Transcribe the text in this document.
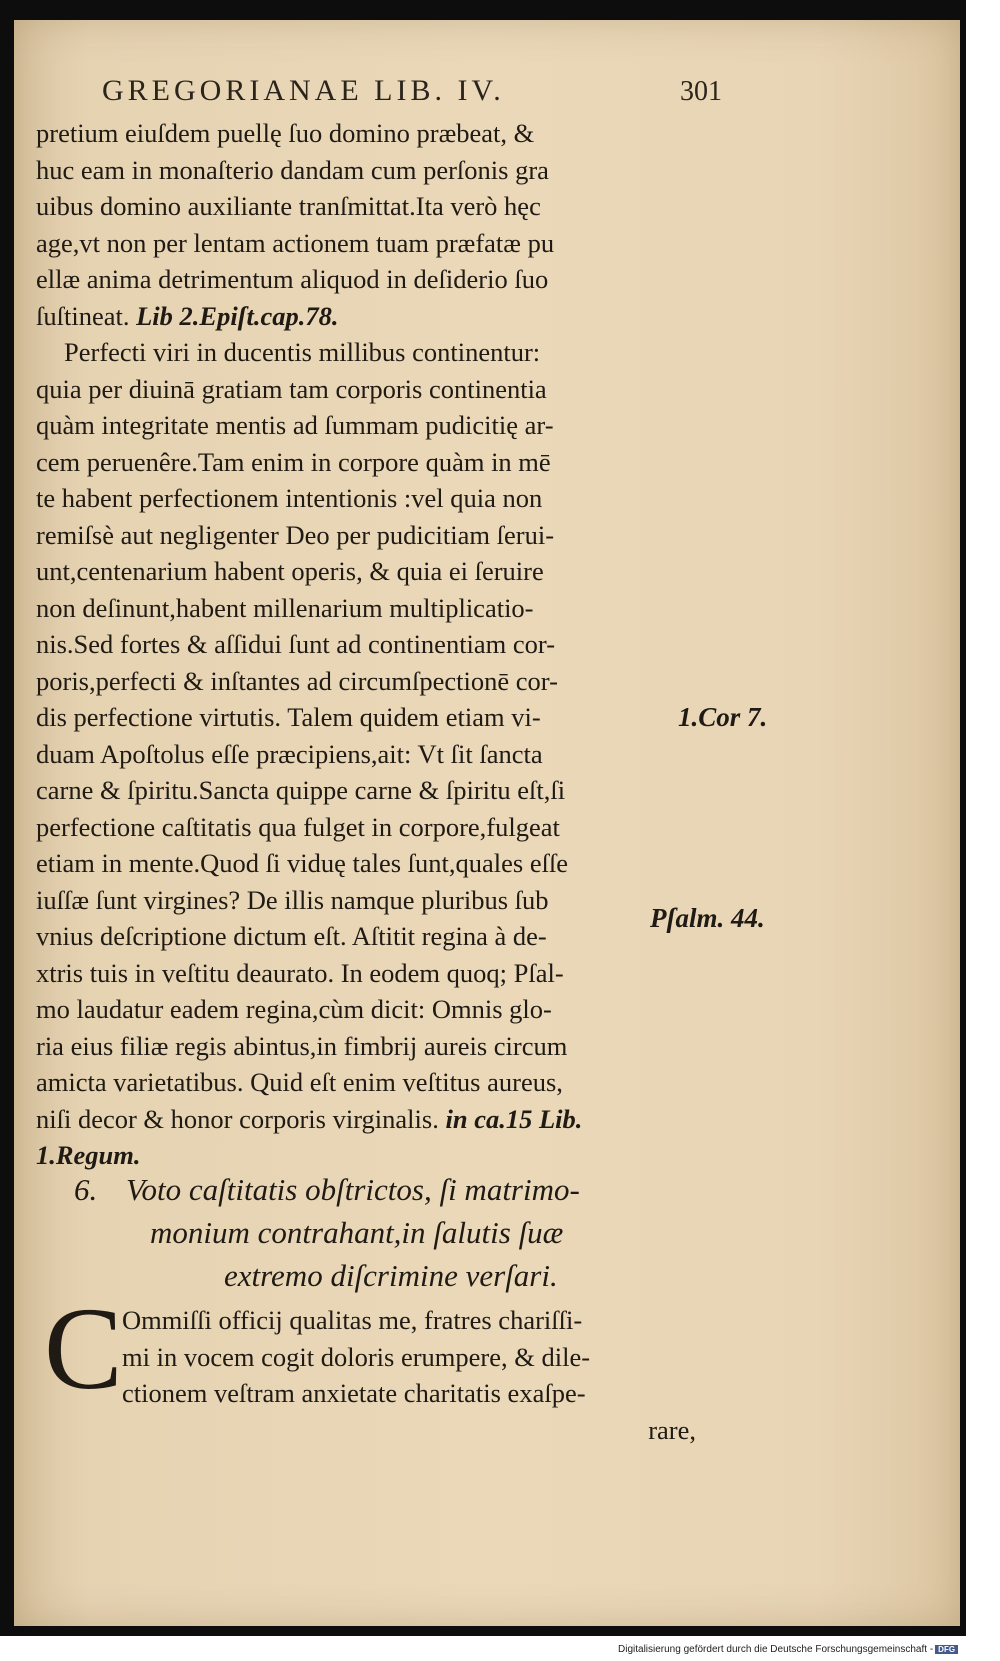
GREGORIANAE LIB. IV.	301
pretium eiuſdem puellę ſuo domino præbeat, &
huc eam in monaſterio dandam cum perſonis gra
uibus domino auxiliante tranſmittat.Ita verò hęc
age,vt non per lentam actionem tuam præfatæ pu
ellæ anima detrimentum aliquod in deſiderio ſuo
ſuſtineat. Lib 2.Epiſt.cap.78.
Perfecti viri in ducentis millibus continentur:
quia per diuinā gratiam tam corporis continentia
quàm integritate mentis ad ſummam pudicitię ar-
cem peruenêre.Tam enim in corpore quàm in mē
te habent perfectionem intentionis :vel quia non
remiſsè aut negligenter Deo per pudicitiam ſerui-
unt,centenarium habent operis, & quia ei ſeruire
non deſinunt,habent millenarium multiplicatio-
nis.Sed fortes & aſſidui ſunt ad continentiam cor-
poris,perfecti & inſtantes ad circumſpectionē cor-
dis perfectione virtutis. Talem quidem etiam vi-
duam Apoſtolus eſſe præcipiens,ait: Vt ſit ſancta
carne & ſpiritu.Sancta quippe carne & ſpiritu eſt,ſi
perfectione caſtitatis qua fulget in corpore,fulgeat
etiam in mente.Quod ſi viduę tales ſunt,quales eſſe
iuſſæ ſunt virgines? De illis namque pluribus ſub
vnius deſcriptione dictum eſt. Aſtitit regina à de-
xtris tuis in veſtitu deaurato. In eodem quoq; Pſal-
mo laudatur eadem regina,cùm dicit: Omnis glo-
ria eius filiæ regis abintus,in fimbrij aureis circum
amicta varietatibus. Quid eſt enim veſtitus aureus,
niſi decor & honor corporis virginalis. in ca.15 Lib.
1.Regum.
1.Cor 7.
Pſalm. 44.
6. Voto caſtitatis obſtrictos, ſi matrimo-
monium contrahant,in ſalutis ſuæ
extremo diſcrimine verſari.
C Ommiſſi officij qualitas me, fratres chariſſi-
mi in vocem cogit doloris erumpere, & dile-
ctionem veſtram anxietate charitatis exaſpe-
rare,
Digitalisierung gefördert durch die Deutsche Forschungsgemeinschaft - DFG
